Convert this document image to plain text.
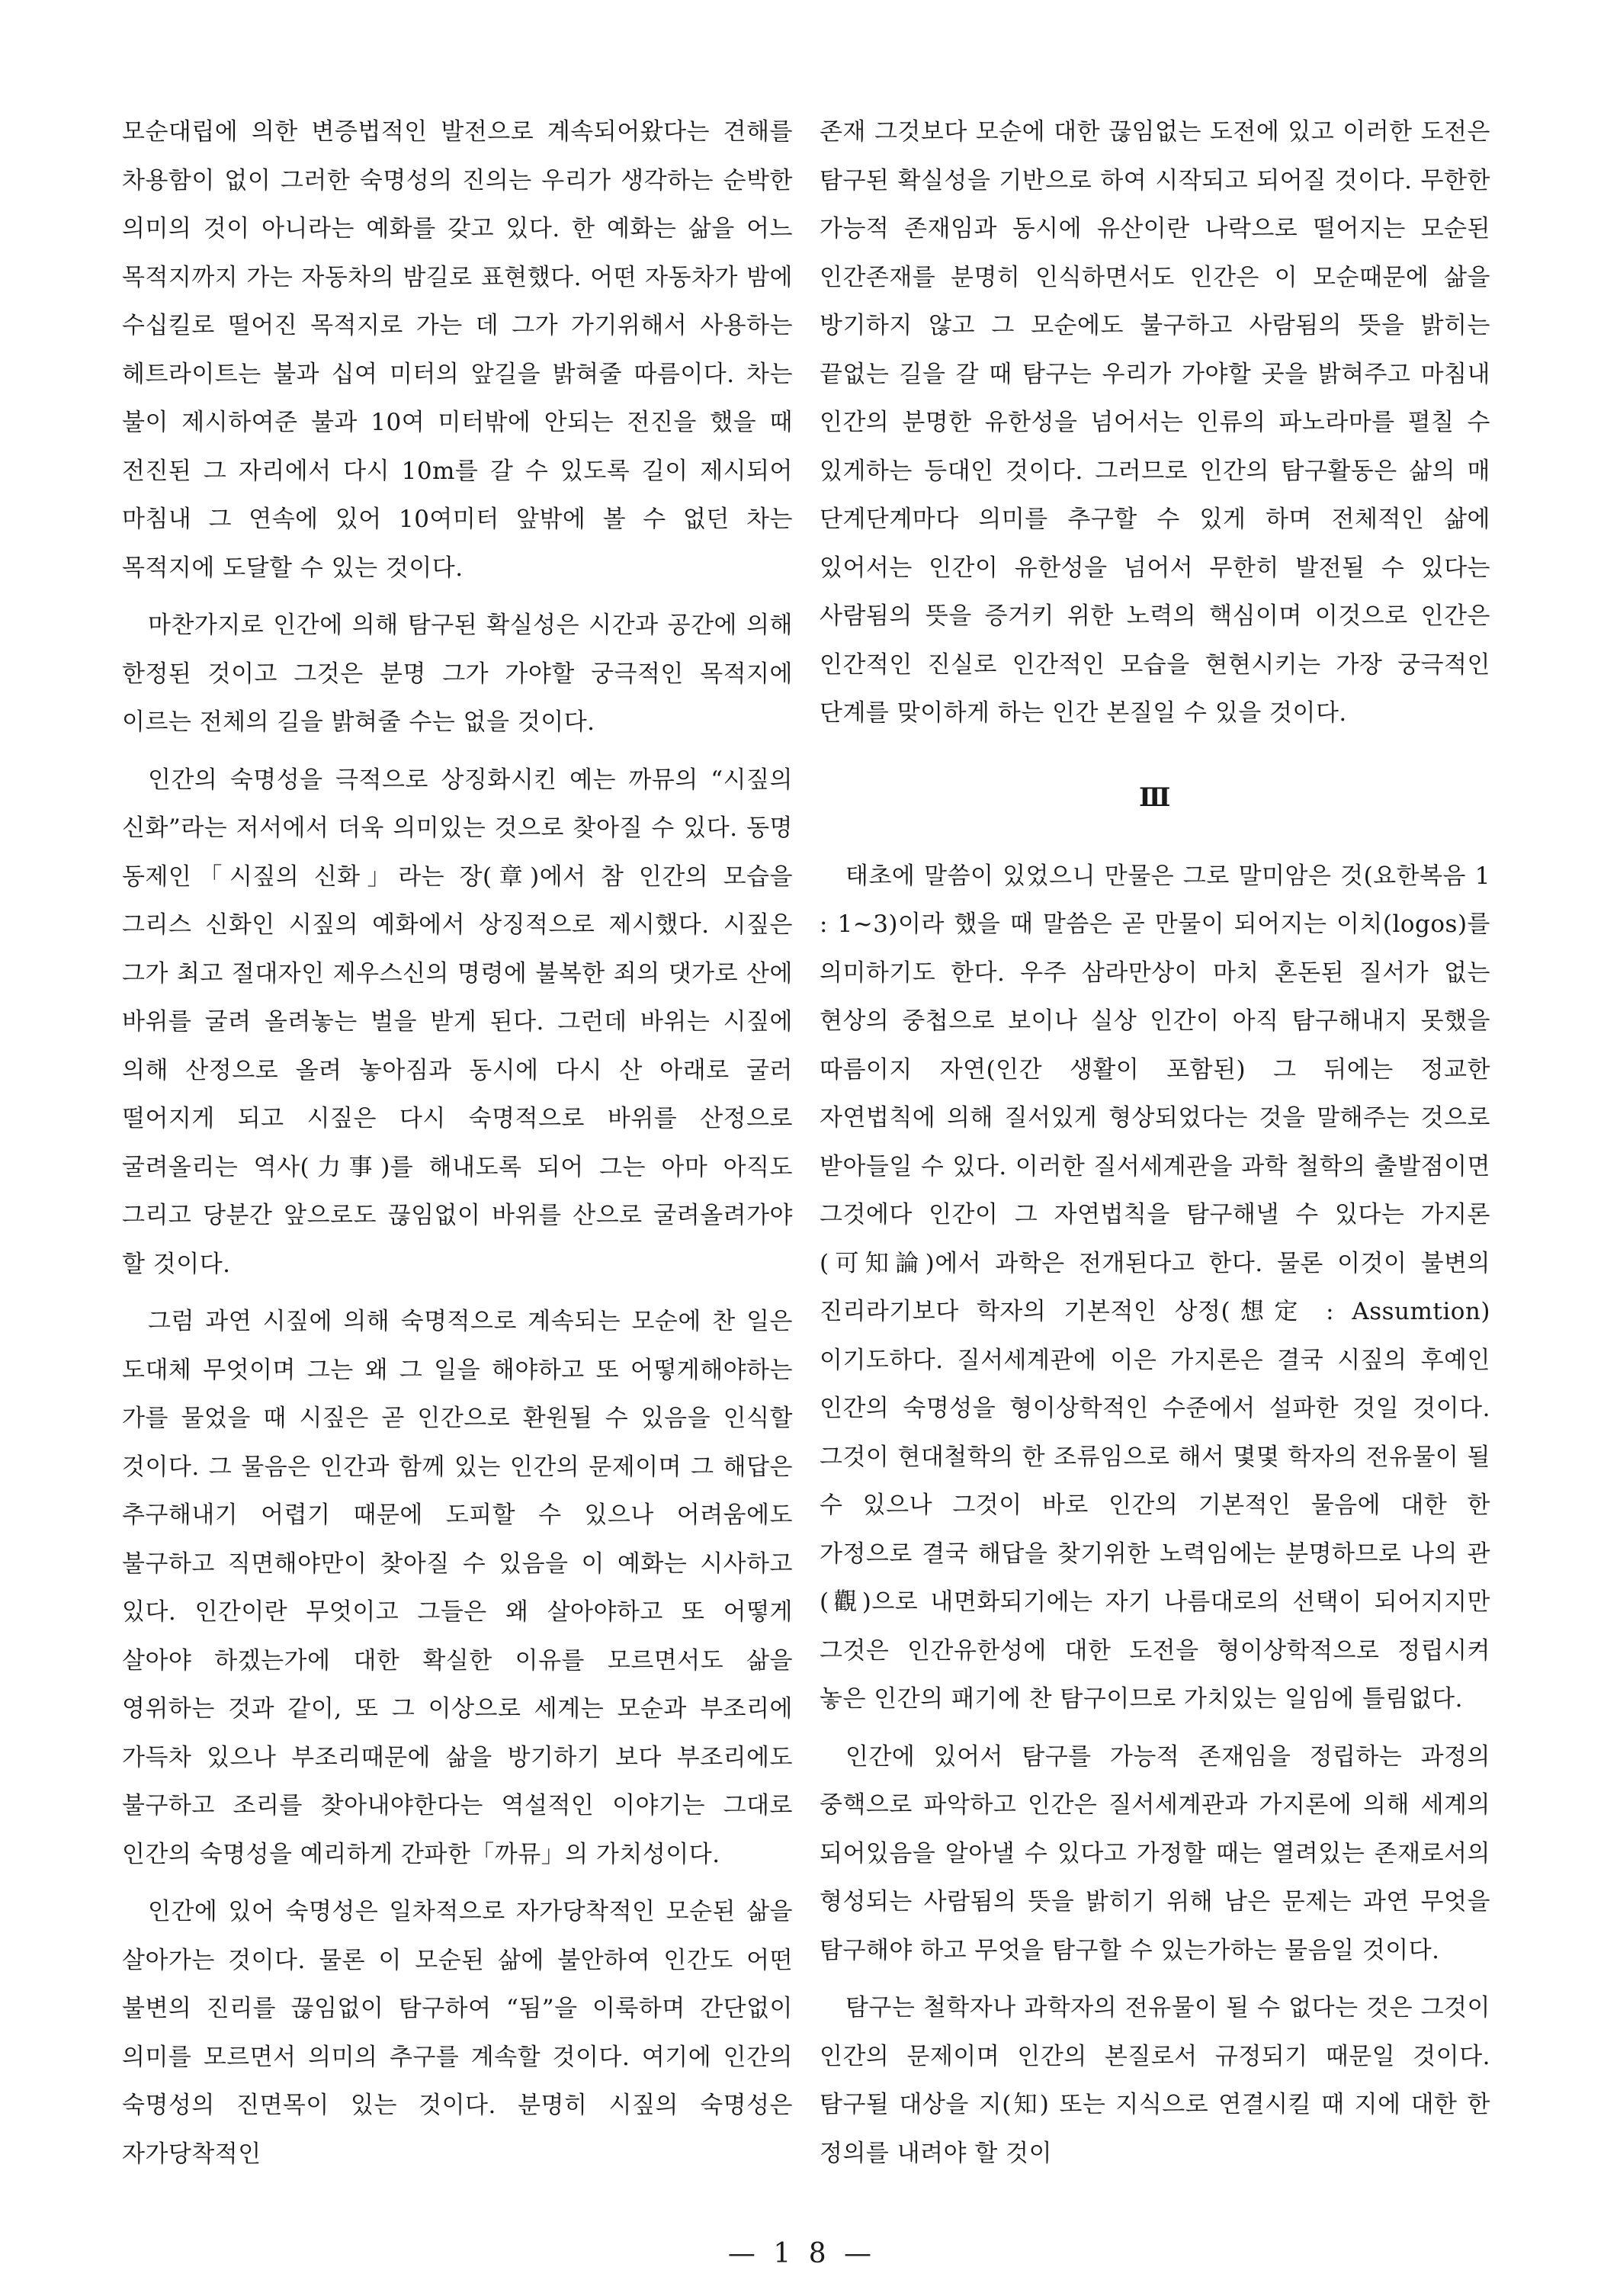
모순대립에 의한 변증법적인 발전으로 계속되어왔다는 견해를 차용함이 없이 그러한 숙명성의 진의는 우리가 생각하는 순박한 의미의 것이 아니라는 예화를 갖고 있다. 한 예화는 삶을 어느 목적지까지 가는 자동차의 밤길로 표현했다. 어떤 자동차가 밤에 수십킬로 떨어진 목적지로 가는 데 그가 가기위해서 사용하는 헤트라이트는 불과 십여 미터의 앞길을 밝혀줄 따름이다. 차는 불이 제시하여준 불과 10여 미터밖에 안되는 전진을 했을 때 전진된 그 자리에서 다시 10m를 갈 수 있도록 길이 제시되어 마침내 그 연속에 있어 10여미터 앞밖에 볼 수 없던 차는 목적지에 도달할 수 있는 것이다.

마찬가지로 인간에 의해 탐구된 확실성은 시간과 공간에 의해 한정된 것이고 그것은 분명 그가 가야할 궁극적인 목적지에 이르는 전체의 길을 밝혀줄 수는 없을 것이다.

인간의 숙명성을 극적으로 상징화시킨 예는 까뮤의 “시짚의 신화”라는 저서에서 더욱 의미있는 것으로 찾아질 수 있다. 동명 동제인「시짚의 신화」라는 장(章)에서 참 인간의 모습을 그리스 신화인 시짚의 예화에서 상징적으로 제시했다. 시짚은 그가 최고 절대자인 제우스신의 명령에 불복한 죄의 댓가로 산에 바위를 굴려 올려놓는 벌을 받게 된다. 그런데 바위는 시짚에 의해 산정으로 올려 놓아짐과 동시에 다시 산 아래로 굴러 떨어지게 되고 시짚은 다시 숙명적으로 바위를 산정으로 굴려올리는 역사(力事)를 해내도록 되어 그는 아마 아직도 그리고 당분간 앞으로도 끊임없이 바위를 산으로 굴려올려가야 할 것이다.

그럼 과연 시짚에 의해 숙명적으로 계속되는 모순에 찬 일은 도대체 무엇이며 그는 왜 그 일을 해야하고 또 어떻게해야하는 가를 물었을 때 시짚은 곧 인간으로 환원될 수 있음을 인식할 것이다. 그 물음은 인간과 함께 있는 인간의 문제이며 그 해답은 추구해내기 어렵기 때문에 도피할 수 있으나 어려움에도 불구하고 직면해야만이 찾아질 수 있음을 이 예화는 시사하고 있다. 인간이란 무엇이고 그들은 왜 살아야하고 또 어떻게 살아야 하겠는가에 대한 확실한 이유를 모르면서도 삶을 영위하는 것과 같이, 또 그 이상으로 세계는 모순과 부조리에 가득차 있으나 부조리때문에 삶을 방기하기 보다 부조리에도 불구하고 조리를 찾아내야한다는 역설적인 이야기는 그대로 인간의 숙명성을 예리하게 간파한「까뮤」의 가치성이다.

인간에 있어 숙명성은 일차적으로 자가당착적인 모순된 삶을 살아가는 것이다. 물론 이 모순된 삶에 불안하여 인간도 어떤 불변의 진리를 끊임없이 탐구하여 “됨”을 이룩하며 간단없이 의미를 모르면서 의미의 추구를 계속할 것이다. 여기에 인간의 숙명성의 진면목이 있는 것이다. 분명히 시짚의 숙명성은 자가당착적인

존재 그것보다 모순에 대한 끊임없는 도전에 있고 이러한 도전은 탐구된 확실성을 기반으로 하여 시작되고 되어질 것이다. 무한한 가능적 존재임과 동시에 유산이란 나락으로 떨어지는 모순된 인간존재를 분명히 인식하면서도 인간은 이 모순때문에 삶을 방기하지 않고 그 모순에도 불구하고 사람됨의 뜻을 밝히는 끝없는 길을 갈 때 탐구는 우리가 가야할 곳을 밝혀주고 마침내 인간의 분명한 유한성을 넘어서는 인류의 파노라마를 펼칠 수 있게하는 등대인 것이다. 그러므로 인간의 탐구활동은 삶의 매 단계단계마다 의미를 추구할 수 있게 하며 전체적인 삶에 있어서는 인간이 유한성을 넘어서 무한히 발전될 수 있다는 사람됨의 뜻을 증거키 위한 노력의 핵심이며 이것으로 인간은 인간적인 진실로 인간적인 모습을 현현시키는 가장 궁극적인 단계를 맞이하게 하는 인간 본질일 수 있을 것이다.

Ⅲ

태초에 말씀이 있었으니 만물은 그로 말미암은 것(요한복음 1 : 1~3)이라 했을 때 말씀은 곧 만물이 되어지는 이치(logos)를 의미하기도 한다. 우주 삼라만상이 마치 혼돈된 질서가 없는 현상의 중첩으로 보이나 실상 인간이 아직 탐구해내지 못했을 따름이지 자연(인간 생활이 포함된) 그 뒤에는 정교한 자연법칙에 의해 질서있게 형상되었다는 것을 말해주는 것으로 받아들일 수 있다. 이러한 질서세계관을 과학 철학의 출발점이면 그것에다 인간이 그 자연법칙을 탐구해낼 수 있다는 가지론(可知論)에서 과학은 전개된다고 한다. 물론 이것이 불변의 진리라기보다 학자의 기본적인 상정(想定 : Assumtion)이기도하다. 질서세계관에 이은 가지론은 결국 시짚의 후예인 인간의 숙명성을 형이상학적인 수준에서 설파한 것일 것이다. 그것이 현대철학의 한 조류임으로 해서 몇몇 학자의 전유물이 될 수 있으나 그것이 바로 인간의 기본적인 물음에 대한 한 가정으로 결국 해답을 찾기위한 노력임에는 분명하므로 나의 관(觀)으로 내면화되기에는 자기 나름대로의 선택이 되어지지만 그것은 인간유한성에 대한 도전을 형이상학적으로 정립시켜 놓은 인간의 패기에 찬 탐구이므로 가치있는 일임에 틀림없다.

인간에 있어서 탐구를 가능적 존재임을 정립하는 과정의 중핵으로 파악하고 인간은 질서세계관과 가지론에 의해 세계의 되어있음을 알아낼 수 있다고 가정할 때는 열려있는 존재로서의 형성되는 사람됨의 뜻을 밝히기 위해 남은 문제는 과연 무엇을 탐구해야 하고 무엇을 탐구할 수 있는가하는 물음일 것이다.

탐구는 철학자나 과학자의 전유물이 될 수 없다는 것은 그것이 인간의 문제이며 인간의 본질로서 규정되기 때문일 것이다. 탐구될 대상을 지(知) 또는 지식으로 연결시킬 때 지에 대한 한 정의를 내려야 할 것이

— 1 8 —
